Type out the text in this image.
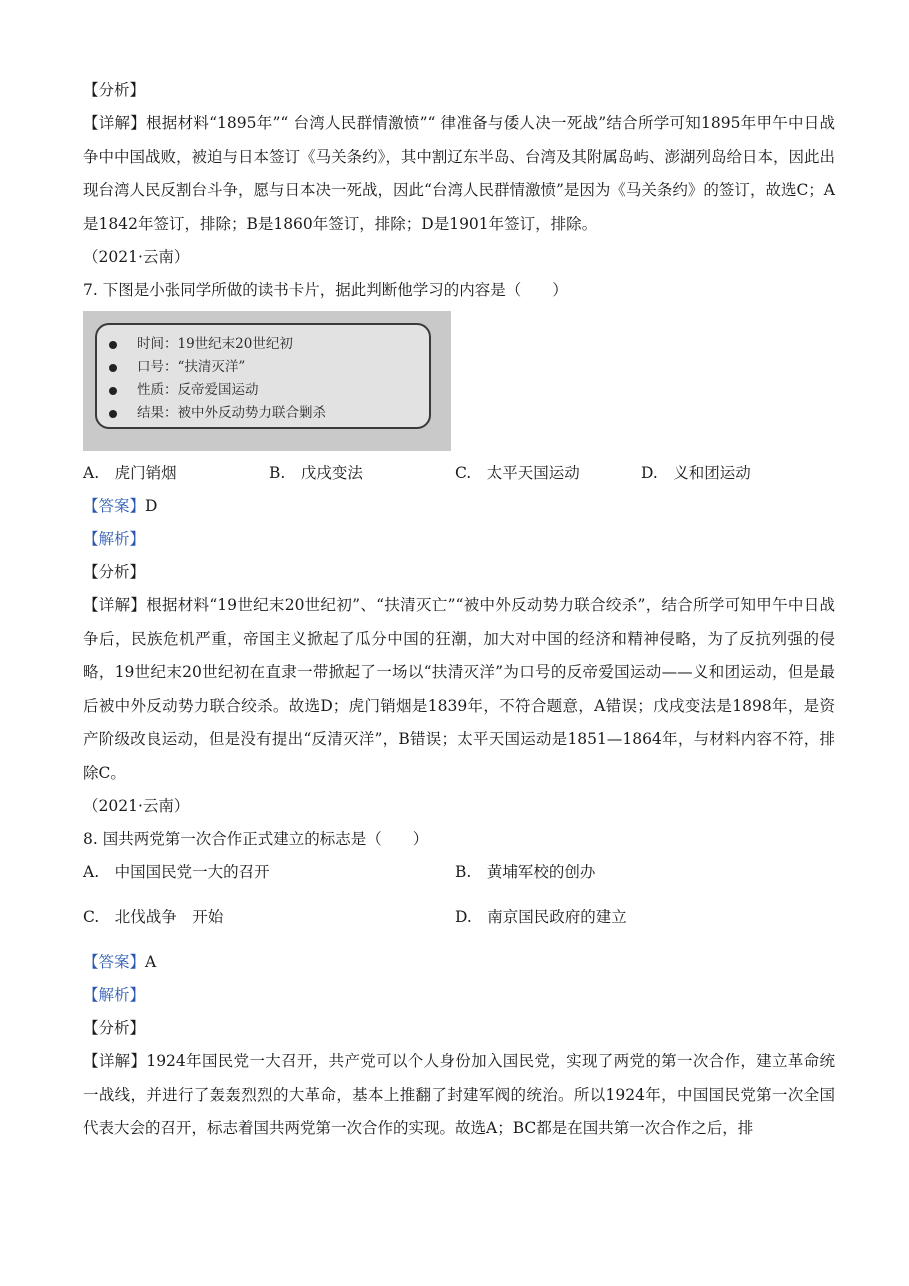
【分析】
【详解】根据材料“1895年”“ 台湾人民群情激愤”“ 律准备与倭人决一死战”结合所学可知1895年甲午中日战争中中国战败，被迫与日本签订《马关条约》，其中割辽东半岛、台湾及其附属岛屿、澎湖列岛给日本，因此出现台湾人民反割台斗争，愿与日本决一死战，因此“台湾人民群情激愤”是因为《马关条约》的签订，故选C；A是1842年签订，排除；B是1860年签订，排除；D是1901年签订，排除。
（2021·云南）
7. 下图是小张同学所做的读书卡片，据此判断他学习的内容是（　　）
时间：19世纪末20世纪初
口号：“扶清灭洋”
性质：反帝爱国运动
结果：被中外反动势力联合剿杀
A.　虎门销烟	B.　戊戌变法	C.　太平天国运动	D.　义和团运动
【答案】D
【解析】
【分析】
【详解】根据材料“19世纪末20世纪初”、“扶清灭亡”“被中外反动势力联合绞杀”，结合所学可知甲午中日战争后，民族危机严重，帝国主义掀起了瓜分中国的狂潮，加大对中国的经济和精神侵略，为了反抗列强的侵略，19世纪末20世纪初在直隶一带掀起了一场以“扶清灭洋”为口号的反帝爱国运动——义和团运动，但是最后被中外反动势力联合绞杀。故选D；虎门销烟是1839年，不符合题意，A错误；戊戌变法是1898年，是资产阶级改良运动，但是没有提出“反清灭洋”，B错误；太平天国运动是1851—1864年，与材料内容不符，排除C。
（2021·云南）
8. 国共两党第一次合作正式建立的标志是（　　）
A.　中国国民党一大的召开	B.　黄埔军校的创办
C.　北伐战争　开始	D.　南京国民政府的建立
【答案】A
【解析】
【分析】
【详解】1924年国民党一大召开，共产党可以个人身份加入国民党，实现了两党的第一次合作，建立革命统一战线，并进行了轰轰烈烈的大革命，基本上推翻了封建军阀的统治。所以1924年，中国国民党第一次全国代表大会的召开，标志着国共两党第一次合作的实现。故选A；BC都是在国共第一次合作之后，排
